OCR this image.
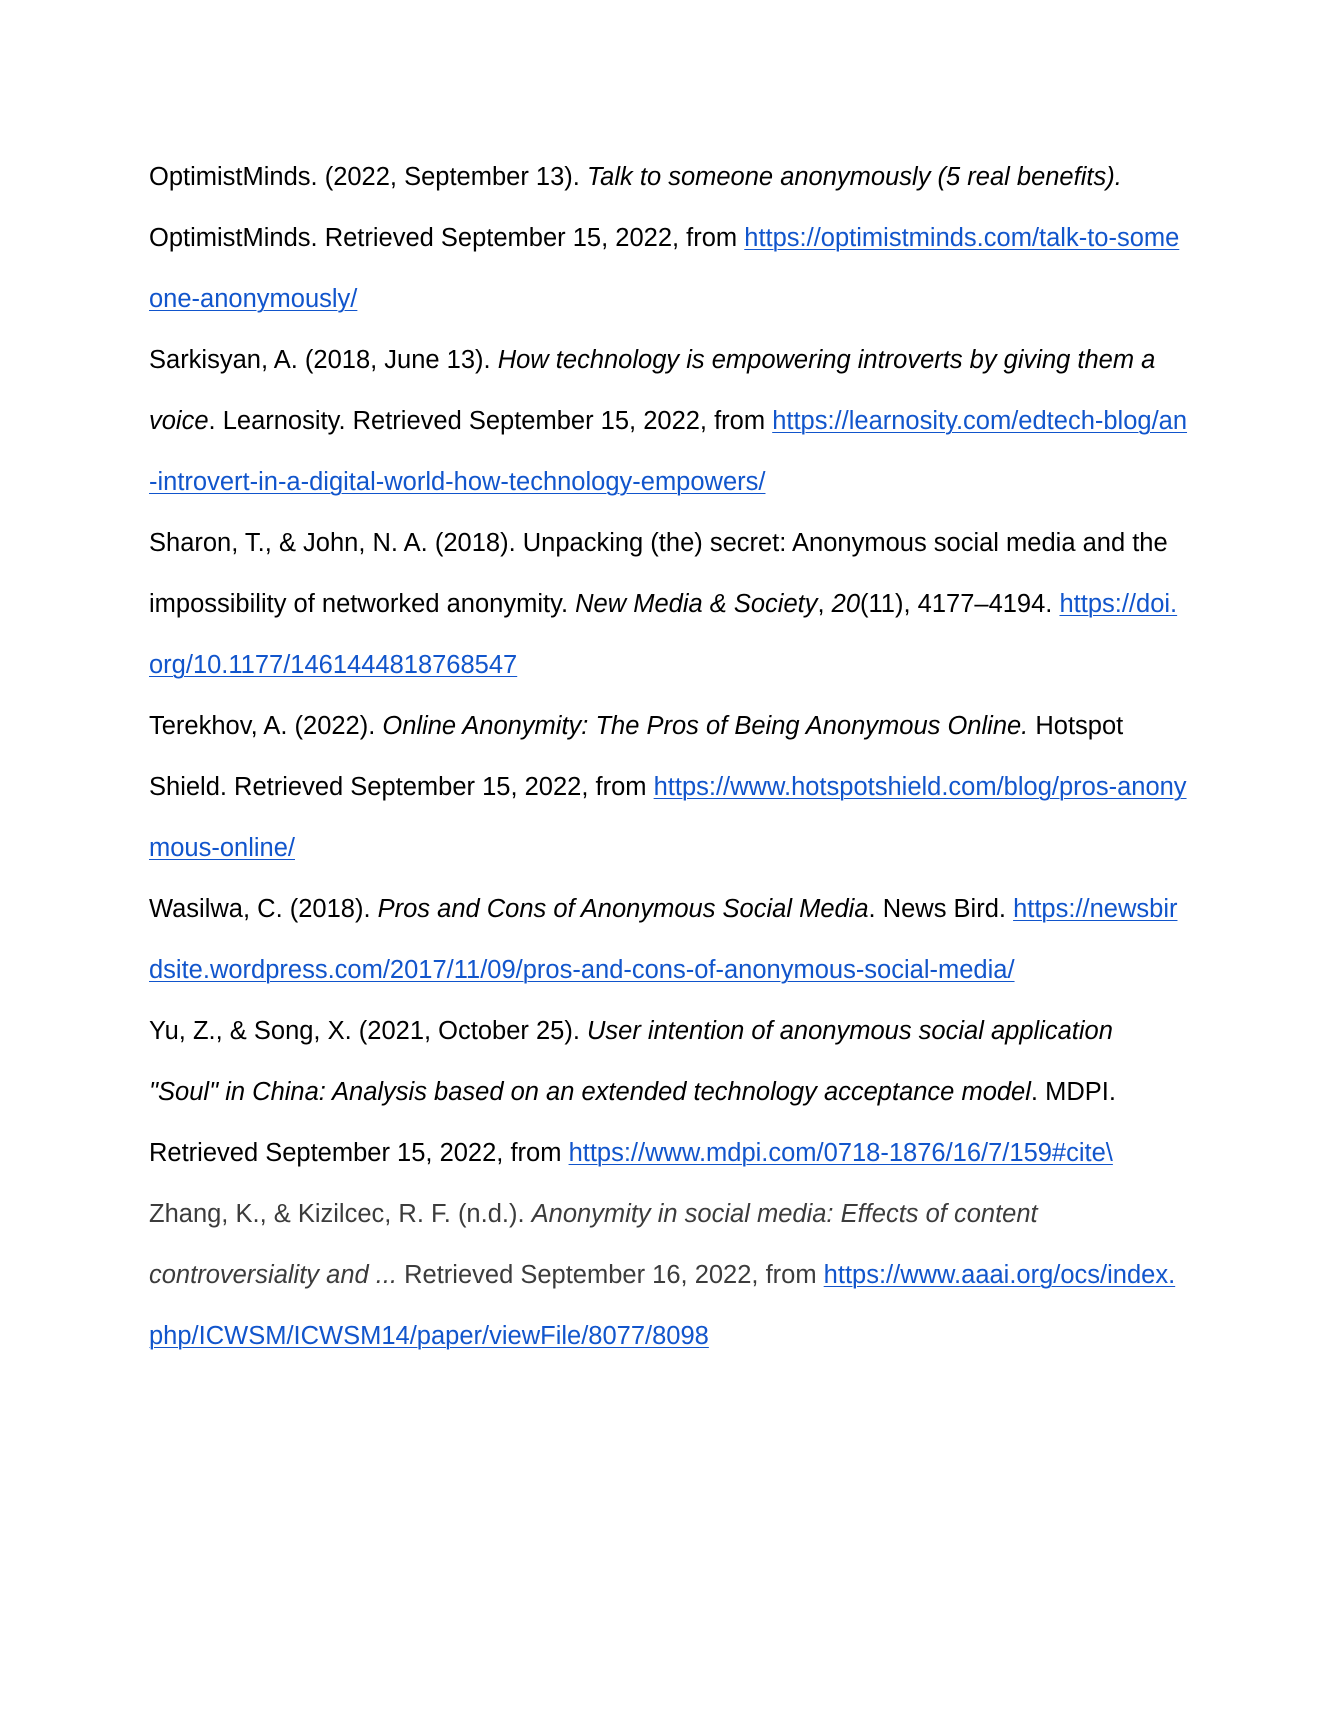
OptimistMinds. (2022, September 13). Talk to someone anonymously (5 real benefits). OptimistMinds. Retrieved September 15, 2022, from https://optimistminds.com/talk-to-someone-anonymously/

Sarkisyan, A. (2018, June 13). How technology is empowering introverts by giving them a voice. Learnosity. Retrieved September 15, 2022, from https://learnosity.com/edtech-blog/an-introvert-in-a-digital-world-how-technology-empowers/

Sharon, T., & John, N. A. (2018). Unpacking (the) secret: Anonymous social media and the impossibility of networked anonymity. New Media & Society, 20(11), 4177–4194. https://doi.org/10.1177/1461444818768547

Terekhov, A. (2022). Online Anonymity: The Pros of Being Anonymous Online. Hotspot Shield. Retrieved September 15, 2022, from https://www.hotspotshield.com/blog/pros-anonymous-online/

Wasilwa, C. (2018). Pros and Cons of Anonymous Social Media. News Bird. https://newsbirdsite.wordpress.com/2017/11/09/pros-and-cons-of-anonymous-social-media/

Yu, Z., & Song, X. (2021, October 25). User intention of anonymous social application "Soul" in China: Analysis based on an extended technology acceptance model. MDPI. Retrieved September 15, 2022, from https://www.mdpi.com/0718-1876/16/7/159#cite\

Zhang, K., & Kizilcec, R. F. (n.d.). Anonymity in social media: Effects of content controversiality and ... Retrieved September 16, 2022, from https://www.aaai.org/ocs/index.php/ICWSM/ICWSM14/paper/viewFile/8077/8098
